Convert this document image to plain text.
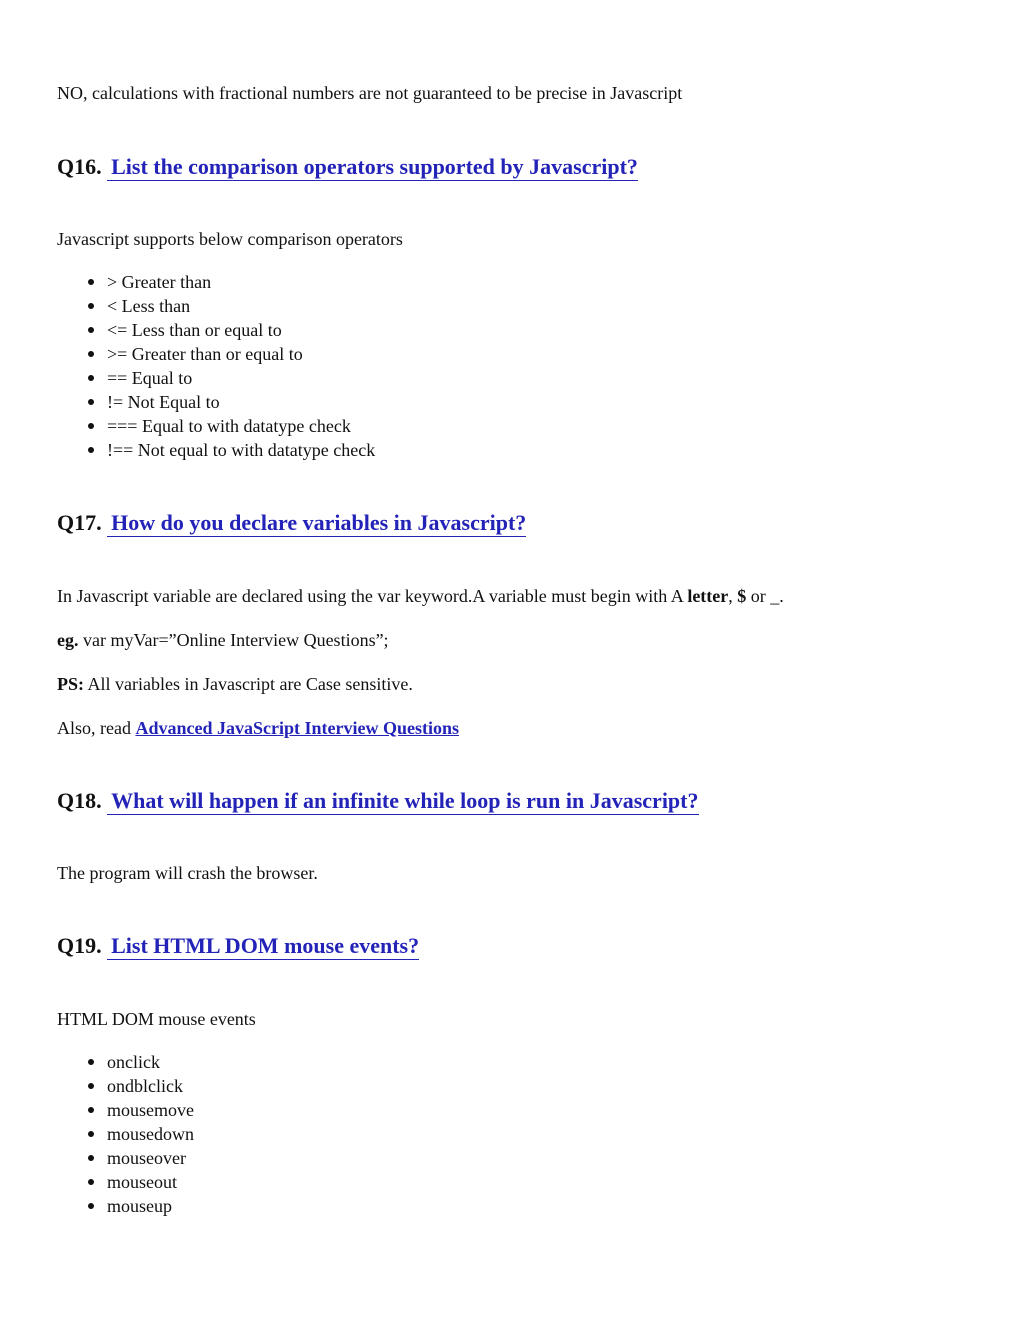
NO, calculations with fractional numbers are not guaranteed to be precise in Javascript
Q16. List the comparison operators supported by Javascript?
Javascript supports below comparison operators
> Greater than
< Less than
<= Less than or equal to
>= Greater than or equal to
== Equal to
!= Not Equal to
=== Equal to with datatype check
!== Not equal to with datatype check
Q17. How do you declare variables in Javascript?
In Javascript variable are declared using the var keyword.A variable must begin with A letter, $ or _.
eg. var myVar=”Online Interview Questions”;
PS: All variables in Javascript are Case sensitive.
Also, read Advanced JavaScript Interview Questions
Q18. What will happen if an infinite while loop is run in Javascript?
The program will crash the browser.
Q19. List HTML DOM mouse events?
HTML DOM mouse events
onclick
ondblclick
mousemove
mousedown
mouseover
mouseout
mouseup
